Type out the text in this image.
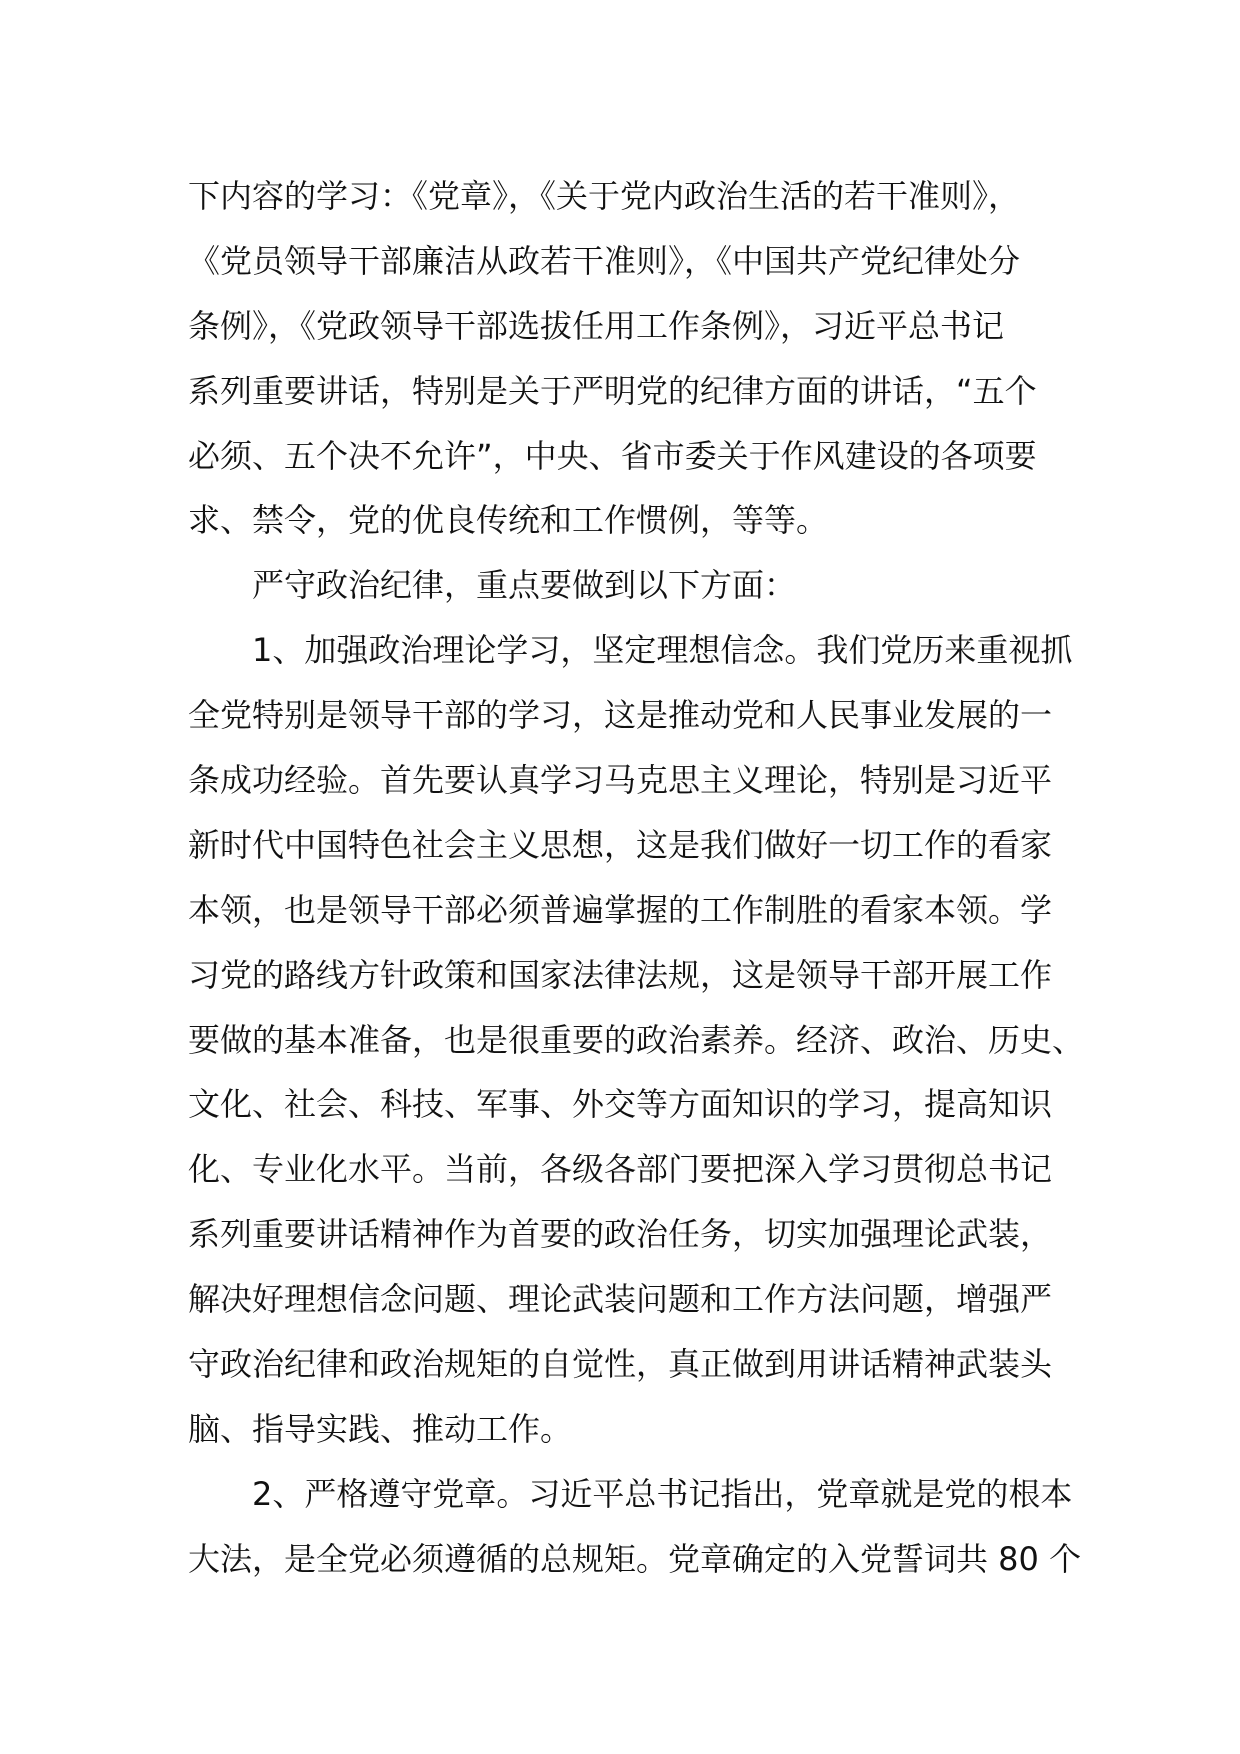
下内容的学习：《党章》，《关于党内政治生活的若干准则》，
《党员领导干部廉洁从政若干准则》，《中国共产党纪律处分
条例》，《党政领导干部选拔任用工作条例》，习近平总书记
系列重要讲话，特别是关于严明党的纪律方面的讲话，“五个
必须、五个决不允许”，中央、省市委关于作风建设的各项要
求、禁令，党的优良传统和工作惯例，等等。
严守政治纪律，重点要做到以下方面：
1、加强政治理论学习，坚定理想信念。我们党历来重视抓
全党特别是领导干部的学习，这是推动党和人民事业发展的一
条成功经验。首先要认真学习马克思主义理论，特别是习近平
新时代中国特色社会主义思想，这是我们做好一切工作的看家
本领，也是领导干部必须普遍掌握的工作制胜的看家本领。学
习党的路线方针政策和国家法律法规，这是领导干部开展工作
要做的基本准备，也是很重要的政治素养。经济、政治、历史、
文化、社会、科技、军事、外交等方面知识的学习，提高知识
化、专业化水平。当前，各级各部门要把深入学习贯彻总书记
系列重要讲话精神作为首要的政治任务，切实加强理论武装，
解决好理想信念问题、理论武装问题和工作方法问题，增强严
守政治纪律和政治规矩的自觉性，真正做到用讲话精神武装头
脑、指导实践、推动工作。
2、严格遵守党章。习近平总书记指出，党章就是党的根本
大法，是全党必须遵循的总规矩。党章确定的入党誓词共 80 个
